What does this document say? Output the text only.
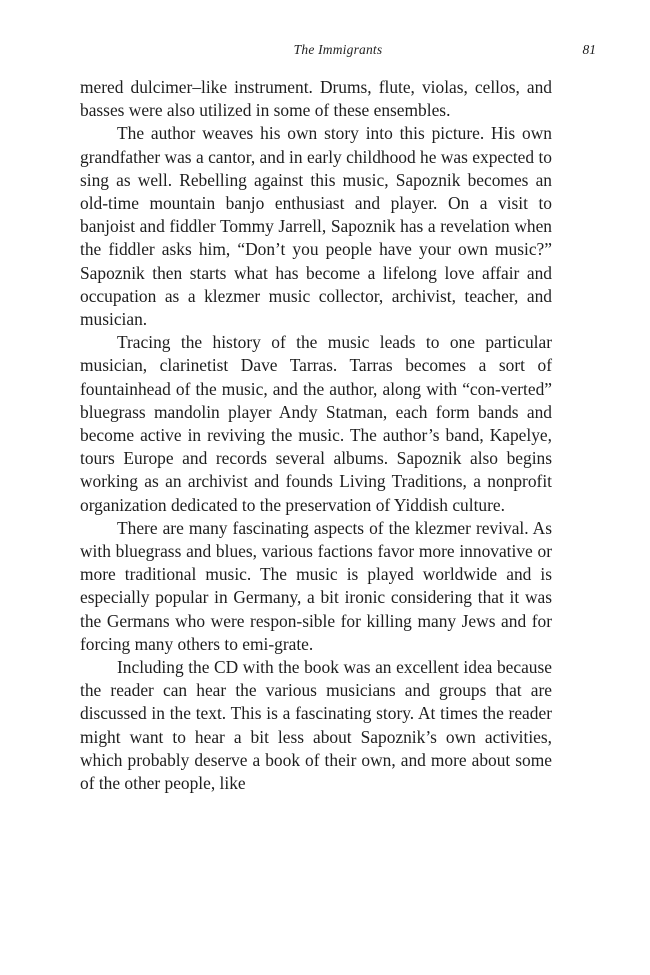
The Immigrants	81

mered dulcimer–like instrument. Drums, flute, violas, cellos, and basses were also utilized in some of these ensembles.

The author weaves his own story into this picture. His own grandfather was a cantor, and in early childhood he was expected to sing as well. Rebelling against this music, Sapoznik becomes an old-time mountain banjo enthusiast and player. On a visit to banjoist and fiddler Tommy Jarrell, Sapoznik has a revelation when the fiddler asks him, “Don’t you people have your own music?” Sapoznik then starts what has become a lifelong love affair and occupation as a klezmer music collector, archivist, teacher, and musician.

Tracing the history of the music leads to one particular musician, clarinetist Dave Tarras. Tarras becomes a sort of fountainhead of the music, and the author, along with “con-verted” bluegrass mandolin player Andy Statman, each form bands and become active in reviving the music. The author’s band, Kapelye, tours Europe and records several albums. Sapoznik also begins working as an archivist and founds Living Traditions, a nonprofit organization dedicated to the preservation of Yiddish culture.

There are many fascinating aspects of the klezmer revival. As with bluegrass and blues, various factions favor more innovative or more traditional music. The music is played worldwide and is especially popular in Germany, a bit ironic considering that it was the Germans who were respon-sible for killing many Jews and for forcing many others to emi-grate.

Including the CD with the book was an excellent idea because the reader can hear the various musicians and groups that are discussed in the text. This is a fascinating story. At times the reader might want to hear a bit less about Sapoznik’s own activities, which probably deserve a book of their own, and more about some of the other people, like
